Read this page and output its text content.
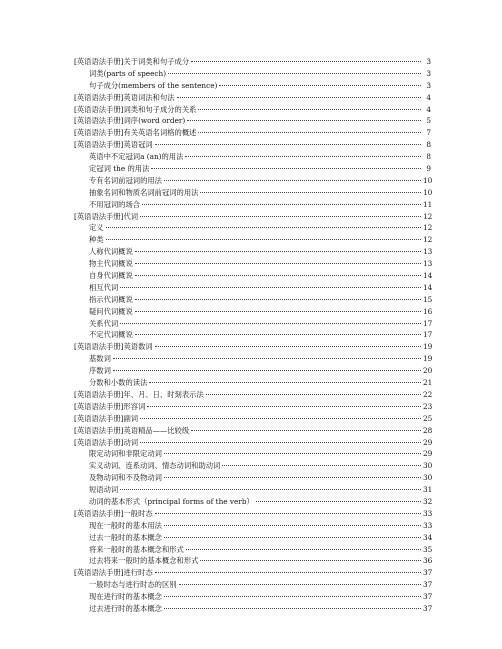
[英语语法手册]关于词类和句子成分	3
词类(parts of speech)	3
句子成分(members of the sentence)	3
[英语语法手册]英语词法和句法	4
[英语语法手册]词类和句子成分的关系	4
[英语语法手册]词序(word order)	5
[英语语法手册]有关英语名词格的概述	7
[英语语法手册]英语冠词	8
英语中不定冠词a (an)的用法	8
定冠词 the 的用法	9
专有名词前冠词的用法	10
抽象名词和物质名词前冠词的用法	10
不用冠词的场合	11
[英语语法手册]代词	12
定义	12
种类	12
人称代词概说	13
物主代词概说	13
自身代词概说	14
相互代词	14
指示代词概说	15
疑问代词概说	16
关系代词	17
不定代词概说	17
[英语语法手册]英语数词	19
基数词	19
序数词	20
分数和小数的读法	21
[英语语法手册]年、月、日、时刻表示法	22
[英语语法手册]形容词	23
[英语语法手册]副词	25
[英语语法手册]英语精品——比较级	28
[英语语法手册]动词	29
限定动词和非限定动词	29
实义动词、连系动词、情态动词和助动词	30
及物动词和不及物动词	30
短语动词	31
动词的基本形式（principal forms of the verb）	32
[英语语法手册]一般时态	33
现在一般时的基本用法	33
过去一般时的基本概念	34
将来一般时的基本概念和形式	35
过去将来一般时的基本概念和形式	36
[英语语法手册]进行时态	37
一般时态与进行时态的区别	37
现在进行时的基本概念	37
过去进行时的基本概念	37
